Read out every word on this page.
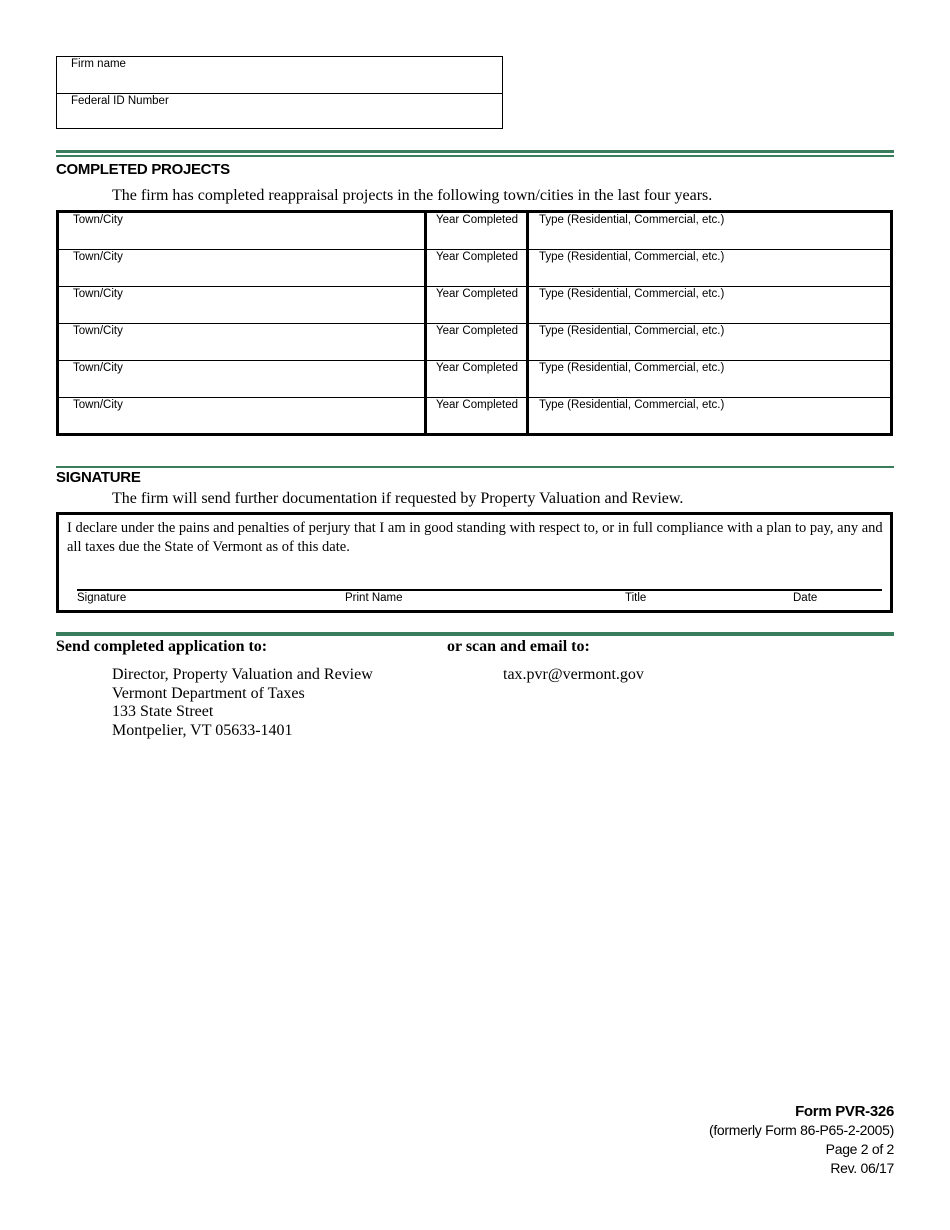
Firm name
Federal ID Number
COMPLETED PROJECTS
The firm has completed reappraisal projects in the following town/cities in the last four years.
Town/City	Year Completed Type (Residential, Commercial, etc.)
Town/City	Year Completed Type (Residential, Commercial, etc.)
Town/City	Year Completed Type (Residential, Commercial, etc.)
Town/City	Year Completed Type (Residential, Commercial, etc.)
Town/City	Year Completed Type (Residential, Commercial, etc.)
Town/City	Year Completed Type (Residential, Commercial, etc.)
SIGNATURE
The firm will send further documentation if requested by Property Valuation and Review.
I declare under the pains and penalties of perjury that I am in good standing with respect to, or in full compliance with a plan to pay, any and all taxes due the State of Vermont as of this date.
Signature	Print Name	Title	Date
Send completed application to:	or scan and email to:
Director, Property Valuation and Review
Vermont Department of Taxes
133 State Street
Montpelier, VT 05633-1401
tax.pvr@vermont.gov
Form PVR-326
(formerly Form 86-P65-2-2005)
Page 2 of 2
Rev. 06/17
